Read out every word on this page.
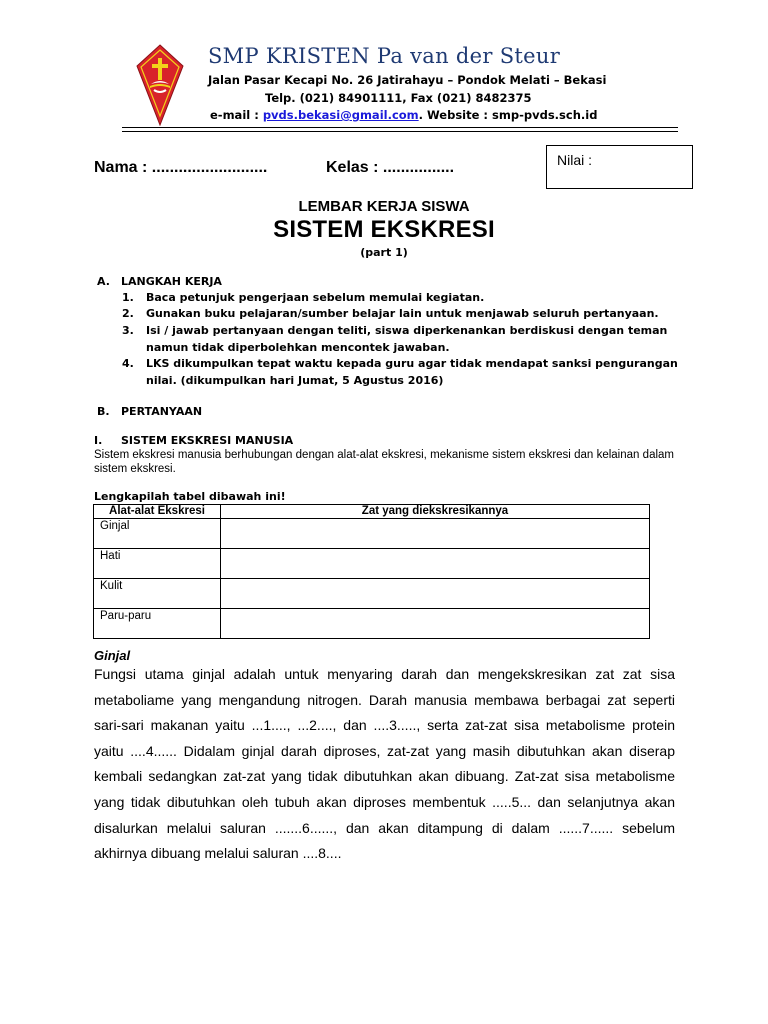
SMP KRISTEN Pa van der Steur
Jalan Pasar Kecapi No. 26 Jatirahayu – Pondok Melati – Bekasi
Telp. (021) 84901111, Fax (021) 8482375
e-mail : pvds.bekasi@gmail.com. Website : smp-pvds.sch.id
Nama : ..........................	Kelas : ................	Nilai :
LEMBAR KERJA SISWA
SISTEM EKSKRESI
(part 1)
A. LANGKAH KERJA
1. Baca petunjuk pengerjaan sebelum memulai kegiatan.
2. Gunakan buku pelajaran/sumber belajar lain untuk menjawab seluruh pertanyaan.
3. Isi / jawab pertanyaan dengan teliti, siswa diperkenankan berdiskusi dengan teman namun tidak diperbolehkan mencontek jawaban.
4. LKS dikumpulkan tepat waktu kepada guru agar tidak mendapat sanksi pengurangan nilai. (dikumpulkan hari Jumat, 5 Agustus 2016)
B. PERTANYAAN
I. SISTEM EKSKRESI MANUSIA
Sistem ekskresi manusia berhubungan dengan alat-alat ekskresi, mekanisme sistem ekskresi dan kelainan dalam sistem ekskresi.
Lengkapilah tabel dibawah ini!
Alat-alat Ekskresi	Zat yang diekskresikannya
Ginjal	
Hati	
Kulit	
Paru-paru	
Ginjal
Fungsi utama ginjal adalah untuk menyaring darah dan mengekskresikan zat zat sisa metaboliame yang mengandung nitrogen. Darah manusia membawa berbagai zat seperti sari-sari makanan yaitu ...1...., ...2...., dan ....3....., serta zat-zat sisa metabolisme protein yaitu ....4...... Didalam ginjal darah diproses, zat-zat yang masih dibutuhkan akan diserap kembali sedangkan zat-zat yang tidak dibutuhkan akan dibuang. Zat-zat sisa metabolisme yang tidak dibutuhkan oleh tubuh akan diproses membentuk .....5... dan selanjutnya akan disalurkan melalui saluran .......6......, dan akan ditampung di dalam ......7...... sebelum akhirnya dibuang melalui saluran ....8....
